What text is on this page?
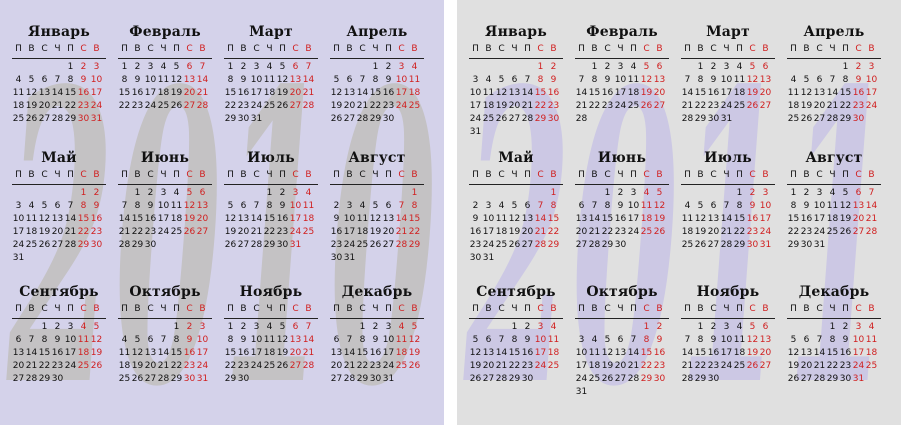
2010
Январь
П В С Ч П С В
1 2 3
4 5 6 7 8 9 10
11 12 13 14 15 16 17
18 19 20 21 22 23 24
25 26 27 28 29 30 31
Февраль
П В С Ч П С В
1 2 3 4 5 6 7
8 9 10 11 12 13 14
15 16 17 18 19 20 21
22 23 24 25 26 27 28
Март
П В С Ч П С В
1 2 3 4 5 6 7
8 9 10 11 12 13 14
15 16 17 18 19 20 21
22 23 24 25 26 27 28
29 30 31
Апрель
П В С Ч П С В
1 2 3 4
5 6 7 8 9 10 11
12 13 14 15 16 17 18
19 20 21 22 23 24 25
26 27 28 29 30
Май
П В С Ч П С В
1 2
3 4 5 6 7 8 9
10 11 12 13 14 15 16
17 18 19 20 21 22 23
24 25 26 27 28 29 30
31
Июнь
П В С Ч П С В
1 2 3 4 5 6
7 8 9 10 11 12 13
14 15 16 17 18 19 20
21 22 23 24 25 26 27
28 29 30
Июль
П В С Ч П С В
1 2 3 4
5 6 7 8 9 10 11
12 13 14 15 16 17 18
19 20 21 22 23 24 25
26 27 28 29 30 31
Август
П В С Ч П С В
1
2 3 4 5 6 7 8
9 10 11 12 13 14 15
16 17 18 19 20 21 22
23 24 25 26 27 28 29
30 31
Сентябрь
П В С Ч П С В
1 2 3 4 5
6 7 8 9 10 11 12
13 14 15 16 17 18 19
20 21 22 23 24 25 26
27 28 29 30
Октябрь
П В С Ч П С В
1 2 3
4 5 6 7 8 9 10
11 12 13 14 15 16 17
18 19 20 21 22 23 24
25 26 27 28 29 30 31
Ноябрь
П В С Ч П С В
1 2 3 4 5 6 7
8 9 10 11 12 13 14
15 16 17 18 19 20 21
22 23 24 25 26 27 28
29 30
Декабрь
П В С Ч П С В
1 2 3 4 5
6 7 8 9 10 11 12
13 14 15 16 17 18 19
20 21 22 23 24 25 26
27 28 29 30 31 2011
Январь
П В С Ч П С В
1 2
3 4 5 6 7 8 9
10 11 12 13 14 15 16
17 18 19 20 21 22 23
24 25 26 27 28 29 30
31
Февраль
П В С Ч П С В
1 2 3 4 5 6
7 8 9 10 11 12 13
14 15 16 17 18 19 20
21 22 23 24 25 26 27
28
Март
П В С Ч П С В
1 2 3 4 5 6
7 8 9 10 11 12 13
14 15 16 17 18 19 20
21 22 23 24 25 26 27
28 29 30 31
Апрель
П В С Ч П С В
1 2 3
4 5 6 7 8 9 10
11 12 13 14 15 16 17
18 19 20 21 22 23 24
25 26 27 28 29 30
Май
П В С Ч П С В
1
2 3 4 5 6 7 8
9 10 11 12 13 14 15
16 17 18 19 20 21 22
23 24 25 26 27 28 29
30 31
Июнь
П В С Ч П С В
1 2 3 4 5
6 7 8 9 10 11 12
13 14 15 16 17 18 19
20 21 22 23 24 25 26
27 28 29 30
Июль
П В С Ч П С В
1 2 3
4 5 6 7 8 9 10
11 12 13 14 15 16 17
18 19 20 21 22 23 24
25 26 27 28 29 30 31
Август
П В С Ч П С В
1 2 3 4 5 6 7
8 9 10 11 12 13 14
15 16 17 18 19 20 21
22 23 24 25 26 27 28
29 30 31
Сентябрь
П В С Ч П С В
1 2 3 4
5 6 7 8 9 10 11
12 13 14 15 16 17 18
19 20 21 22 23 24 25
26 27 28 29 30
Октябрь
П В С Ч П С В
1 2
3 4 5 6 7 8 9
10 11 12 13 14 15 16
17 18 19 20 21 22 23
24 25 26 27 28 29 30
31
Ноябрь
П В С Ч П С В
1 2 3 4 5 6
7 8 9 10 11 12 13
14 15 16 17 18 19 20
21 22 23 24 25 26 27
28 29 30
Декабрь
П В С Ч П С В
1 2 3 4
5 6 7 8 9 10 11
12 13 14 15 16 17 18
19 20 21 22 23 24 25
26 27 28 29 30 31
